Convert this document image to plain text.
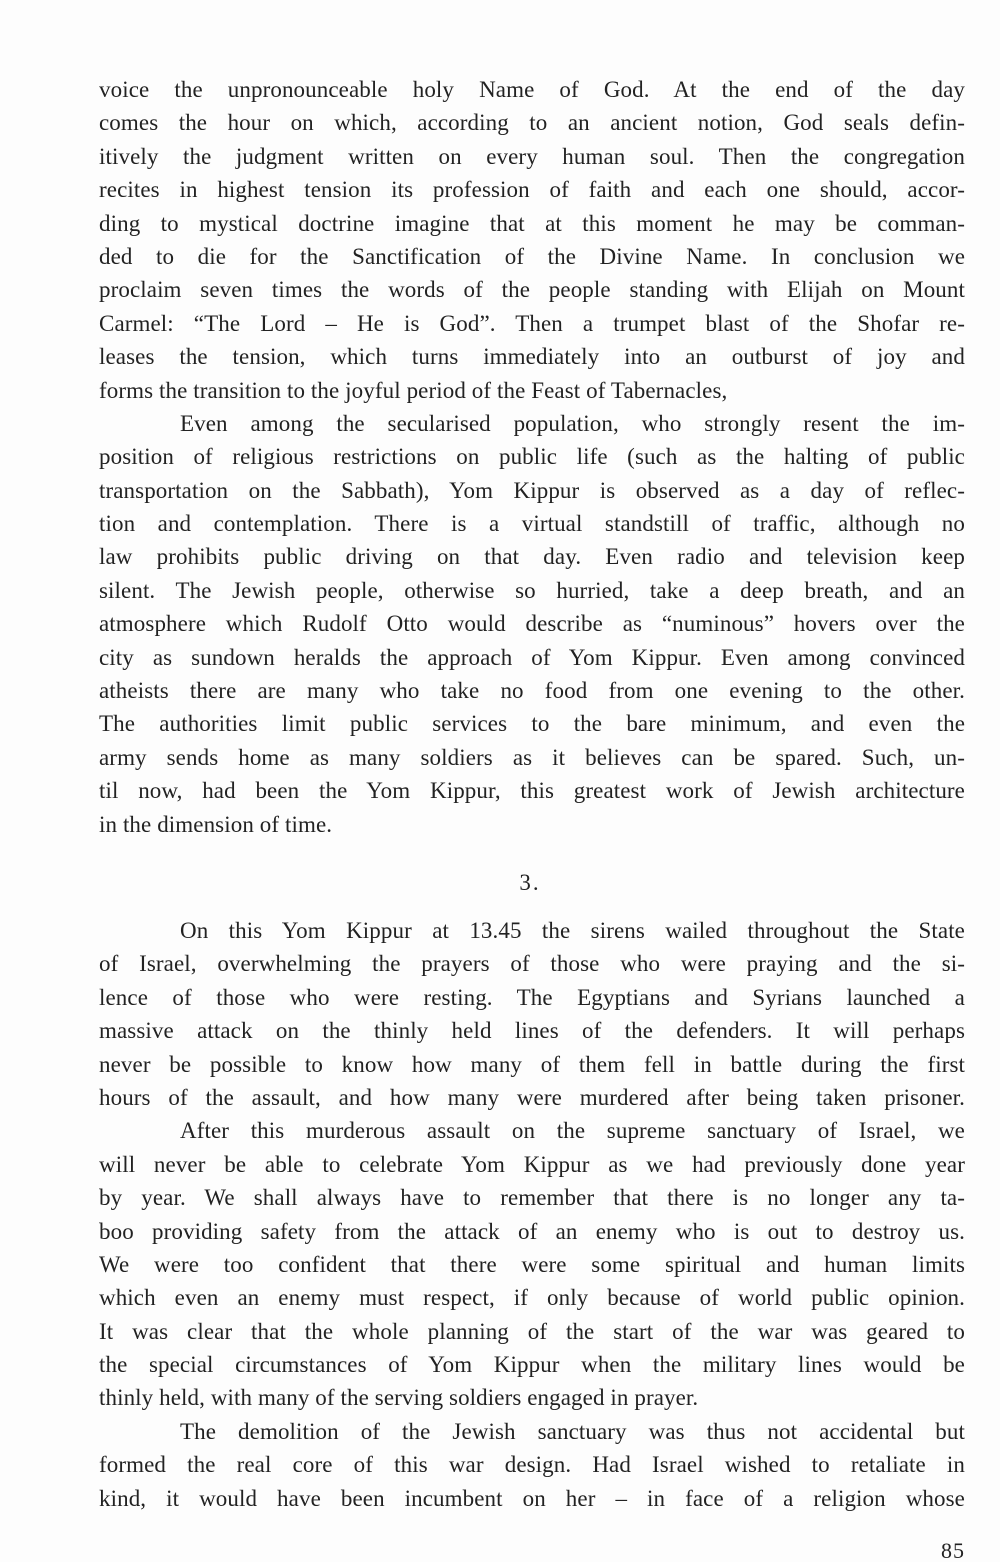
voice the unpronounceable holy Name of God. At the end of the day
comes the hour on which, according to an ancient notion, God seals defin-
itively the judgment written on every human soul. Then the congregation
recites in highest tension its profession of faith and each one should, accor-
ding to mystical doctrine imagine that at this moment he may be comman-
ded to die for the Sanctification of the Divine Name. In conclusion we
proclaim seven times the words of the people standing with Elijah on Mount
Carmel: “The Lord – He is God”. Then a trumpet blast of the Shofar re-
leases the tension, which turns immediately into an outburst of joy and
forms the transition to the joyful period of the Feast of Tabernacles,
Even among the secularised population, who strongly resent the im-
position of religious restrictions on public life (such as the halting of public
transportation on the Sabbath), Yom Kippur is observed as a day of reflec-
tion and contemplation. There is a virtual standstill of traffic, although no
law prohibits public driving on that day. Even radio and television keep
silent. The Jewish people, otherwise so hurried, take a deep breath, and an
atmosphere which Rudolf Otto would describe as “numinous” hovers over the
city as sundown heralds the approach of Yom Kippur. Even among convinced
atheists there are many who take no food from one evening to the other.
The authorities limit public services to the bare minimum, and even the
army sends home as many soldiers as it believes can be spared. Such, un-
til now, had been the Yom Kippur, this greatest work of Jewish architecture
in the dimension of time.
3.
On this Yom Kippur at 13.45 the sirens wailed throughout the State
of Israel, overwhelming the prayers of those who were praying and the si-
lence of those who were resting. The Egyptians and Syrians launched a
massive attack on the thinly held lines of the defenders. It will perhaps
never be possible to know how many of them fell in battle during the first
hours of the assault, and how many were murdered after being taken prisoner.
After this murderous assault on the supreme sanctuary of Israel, we
will never be able to celebrate Yom Kippur as we had previously done year
by year. We shall always have to remember that there is no longer any ta-
boo providing safety from the attack of an enemy who is out to destroy us.
We were too confident that there were some spiritual and human limits
which even an enemy must respect, if only because of world public opinion.
It was clear that the whole planning of the start of the war was geared to
the special circumstances of Yom Kippur when the military lines would be
thinly held, with many of the serving soldiers engaged in prayer.
The demolition of the Jewish sanctuary was thus not accidental but
formed the real core of this war design. Had Israel wished to retaliate in
kind, it would have been incumbent on her – in face of a religion whose
85
